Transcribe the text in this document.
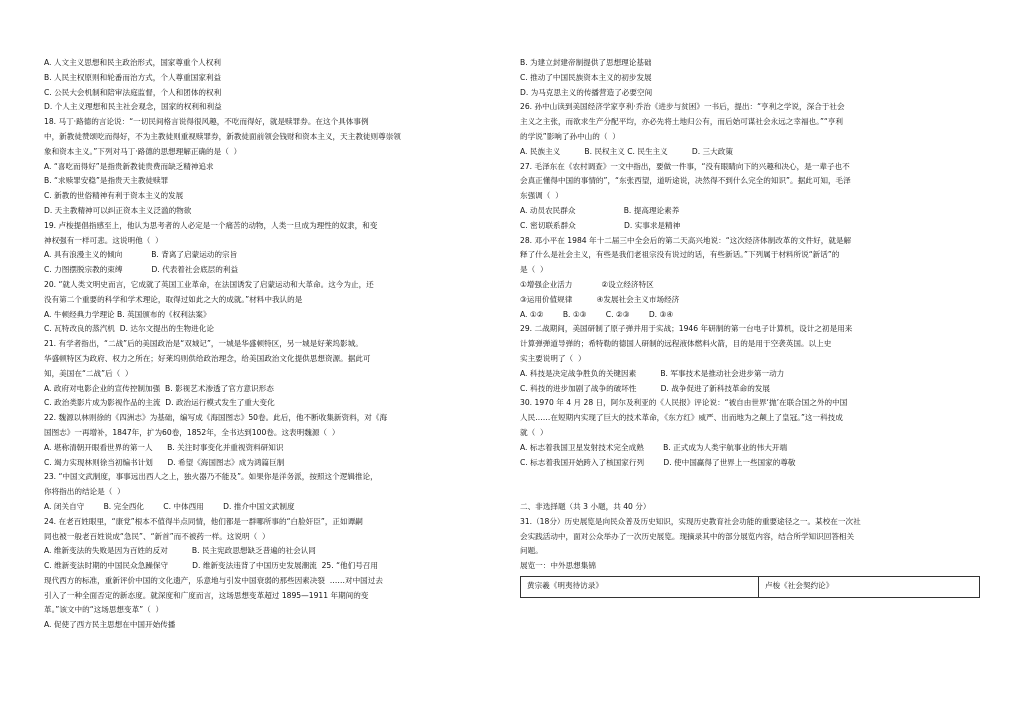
A. 人文主义思想和民主政治形式，国家尊重个人权利
B. 人民主权原则和轮番而治方式，个人尊重国家利益
C. 公民大会机制和陪审法庭监督，个人和团体的权利
D. 个人主义理想和民主社会观念，国家的权利和利益
18. 马丁·路德的言论说：“一切民间格言说得很风趣，不吃而得好，就是赎罪券。在这个具体事例
中，新教徒赞颂吃而得好，不为主教徒则重视赎罪券，新教徒面前领会钱财和资本主义，天主教徒则尊崇领
象和资本主义。”下列对马丁·路德的思想理解正确的是（  ）
A. “喜吃而得好”是指贵新教徒贵费而缺乏精神追求
B. “求赎罪安稳”是指贵天主教徒赎罪
C. 新教的世俗精神有利于资本主义的发展
D. 天主教精神可以纠正资本主义泛滥的物欲
19. 卢梭提倡指感至上，他认为思考者的人必定是一个痛苦的动物，人类一旦成为理性的奴隶，和变
神权强有一样可悲。这说明他（  ）
A. 具有浪漫主义的倾向            B. 背离了启蒙运动的宗旨
C. 力图摆脱宗教的束缚            D. 代表着社会底层的利益
20. “就人类文明史而言，它成就了英国工业革命，在法国诱发了启蒙运动和大革命。这今为止，还
没有第二个重要的科学和学术理论，取得过如此之大的成就。”材料中我认的是
A. 牛顿经典力学理论 B. 英国颁布的《权利法案》
C. 瓦特改良的蒸汽机  D. 达尔文提出的生物进化论
21. 有学者指出，“二战”后的美国政治是“双城记”，一城是华盛顿特区，另一城是好莱坞影城。
华盛顿特区为政府、权力之所在；好莱坞则供给政治理念，给美国政治文化提供思想资源。据此可
知，美国在“二战”后（  ）
A. 政府对电影企业的宣传控制加强  B. 影视艺术渗透了官方意识形态
C. 政治类影片成为影视作品的主流  D. 政治运行模式发生了重大变化
22. 魏源以林则徐的《四洲志》为基础，编写成《海国图志》50卷。此后，他不断收集新资料，对《海
国图志》一再增补，1847年，扩为60卷，1852年，全书达到100卷。这表明魏源（  ）
A. 堪称清朝开眼看世界的第一人      B. 关注时事变化并重视资料研知识
C. 竭力实现林则徐当初编书计划      D. 希望《海国图志》成为鸿篇巨制
23. “中国文武制度，事事远出西人之上，独火器乃不能及”。如果你是洋务派，按照这个逻辑推论，
你将指出的结论是（  ）
A. 闭关自守        B. 完全西化        C. 中体西用        D. 推介中国文武制度
24. 在老百姓眼里，“康党”根本不值得半点同情，他们都是一群哪所事的“白脸奸臣”，正如谭嗣
同也被一般老百姓说成“急民”、“新首”而不被药一样。这说明（  ）
A. 维新变法的失败是因为百姓的反对          B. 民主宪政思想缺乏普遍的社会认同
C. 维新变法时期的中国民众急躁保守          D. 维新变法违背了中国历史发展潮流  25. “他们号召用
现代西方的标准，重新评价中国的文化遗产，乐意地与引发中国衰弱的那些因素决裂  ……对中国过去
引入了一种全面否定的新态度。就深度和广度而言，这场思想变革超过 1895—1911 年期间的变
革。”该文中的“这场思想变革”（  ）
A. 促使了西方民主思想在中国开始传播
B. 为建立封建帝制提供了思想理论基础
C. 推动了中国民族资本主义的初步发展
D. 为马克思主义的传播营造了必要空间
26. 孙中山读到美国经济学家亨利·乔治《进步与贫困》一书后，提出：“亨利之学说，深合于社会
主义之主张，而欲求生产分配平均，亦必先将土地归公有，而后始可谋社会永远之幸福也。”“亨利
的学说”影响了孙中山的（  ）
A. 民族主义          B. 民权主义 C. 民生主义          D. 三大政策
27. 毛泽东在《农村调查》一文中指出，要做一件事，“没有眼睛向下的兴趣和决心，是一辈子也不
会真正懂得中国的事情的”，“东张西望，道听途说，决然得不到什么完全的知识”。据此可知，毛泽
东强调（  ）
A. 动员农民群众                    B. 提高理论素养
C. 密切联系群众                    D. 实事求是精神
28. 邓小平在 1984 年十二届三中全会后的第二天高兴地说：“这次经济体制改革的文件好，就是解
释了什么是社会主义，有些是我们老祖宗没有说过的话，有些新话。”下列属于材料所说“新话”的
是（  ）
①增强企业活力            ②设立经济特区
③运用价值规律          ④发展社会主义市场经济
A. ①②        B. ①③        C. ②③        D. ③④
29. 二战期间，美国研制了原子弹并用于实战；1946 年研制的第一台电子计算机，设计之初是用来
计算弹弹道导弹的；希特勒的德国人研制的远程液体燃料火箭，目的是用于空袭英国。以上史
实主要说明了（  ）
A. 科技是决定战争胜负的关键因素          B. 军事技术是推动社会进步第一动力
C. 科技的进步加剧了战争的破坏性          D. 战争促进了新科技革命的发展
30. 1970 年 4 月 28 日，阿尔及利亚的《人民报》评论说：“被自由世界‘抛’在联合国之外的中国
人民……在短期内实现了巨大的技术革命，《东方红》威严、出而地为之颠上了皇冠。”这一科技成
就（  ）
A. 标志着我国卫星发射技术完全成熟        B. 正式成为人类宇航事业的伟大开端
C. 标志着我国开始跨入了核国家行列        D. 使中国赢得了世界上一些国家的尊敬
二、非选择题（共 3 小题，共 40 分）
31.（18分）历史展览是向民众普及历史知识，实现历史教育社会功能的重要途径之一。某校在一次社
会实践活动中，面对公众举办了一次历史展览。现摘录其中的部分展览内容，结合所学知识回答相关
问题。
展览一：中外思想集锦
黄宗羲《明夷待访录》	卢梭《社会契约论》
